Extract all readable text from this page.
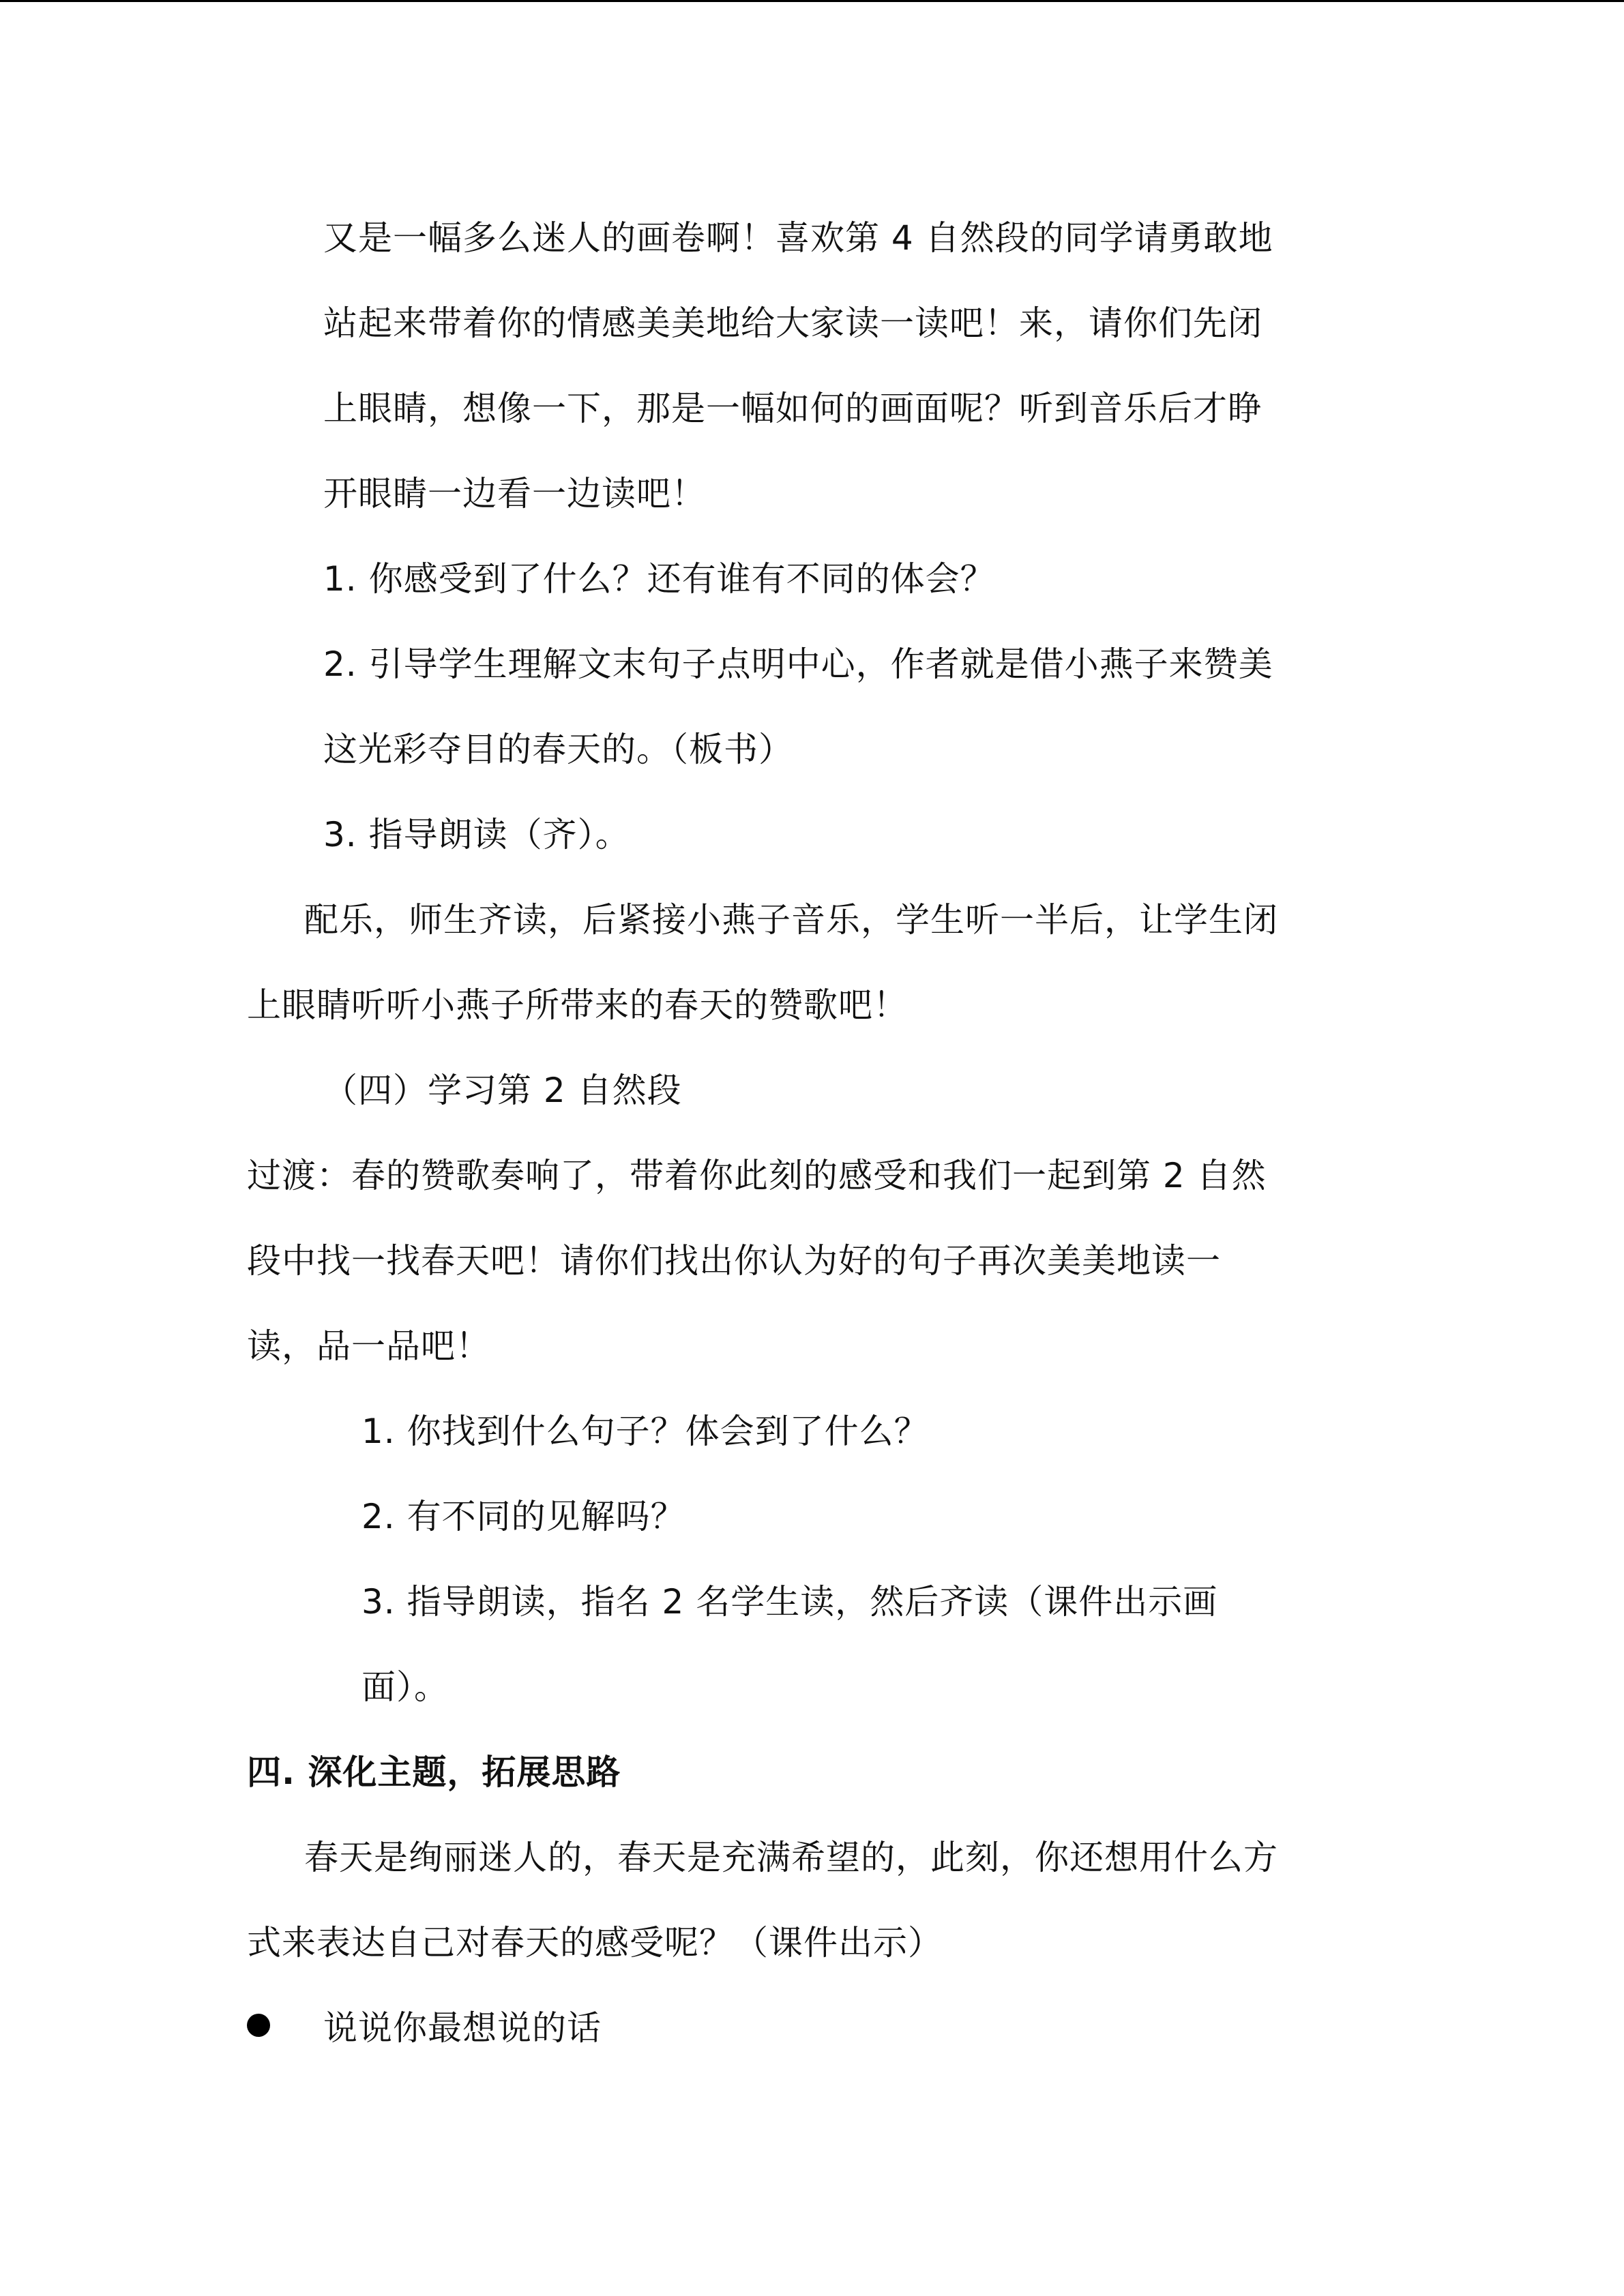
又是一幅多么迷人的画卷啊！喜欢第 4 自然段的同学请勇敢地
站起来带着你的情感美美地给大家读一读吧！来，请你们先闭
上眼睛，想像一下，那是一幅如何的画面呢？听到音乐后才睁
开眼睛一边看一边读吧！
1. 你感受到了什么？还有谁有不同的体会？
2. 引导学生理解文末句子点明中心，作者就是借小燕子来赞美
这光彩夺目的春天的。（板书）
3. 指导朗读（齐）。
配乐，师生齐读，后紧接小燕子音乐，学生听一半后，让学生闭
上眼睛听听小燕子所带来的春天的赞歌吧！
（四）学习第 2 自然段
过渡：春的赞歌奏响了，带着你此刻的感受和我们一起到第 2 自然
段中找一找春天吧！请你们找出你认为好的句子再次美美地读一
读，品一品吧！
1. 你找到什么句子？体会到了什么？
2. 有不同的见解吗？
3. 指导朗读，指名 2 名学生读，然后齐读（课件出示画
面）。
四. 深化主题，拓展思路
春天是绚丽迷人的，春天是充满希望的，此刻，你还想用什么方
式来表达自己对春天的感受呢？（课件出示）
说说你最想说的话
